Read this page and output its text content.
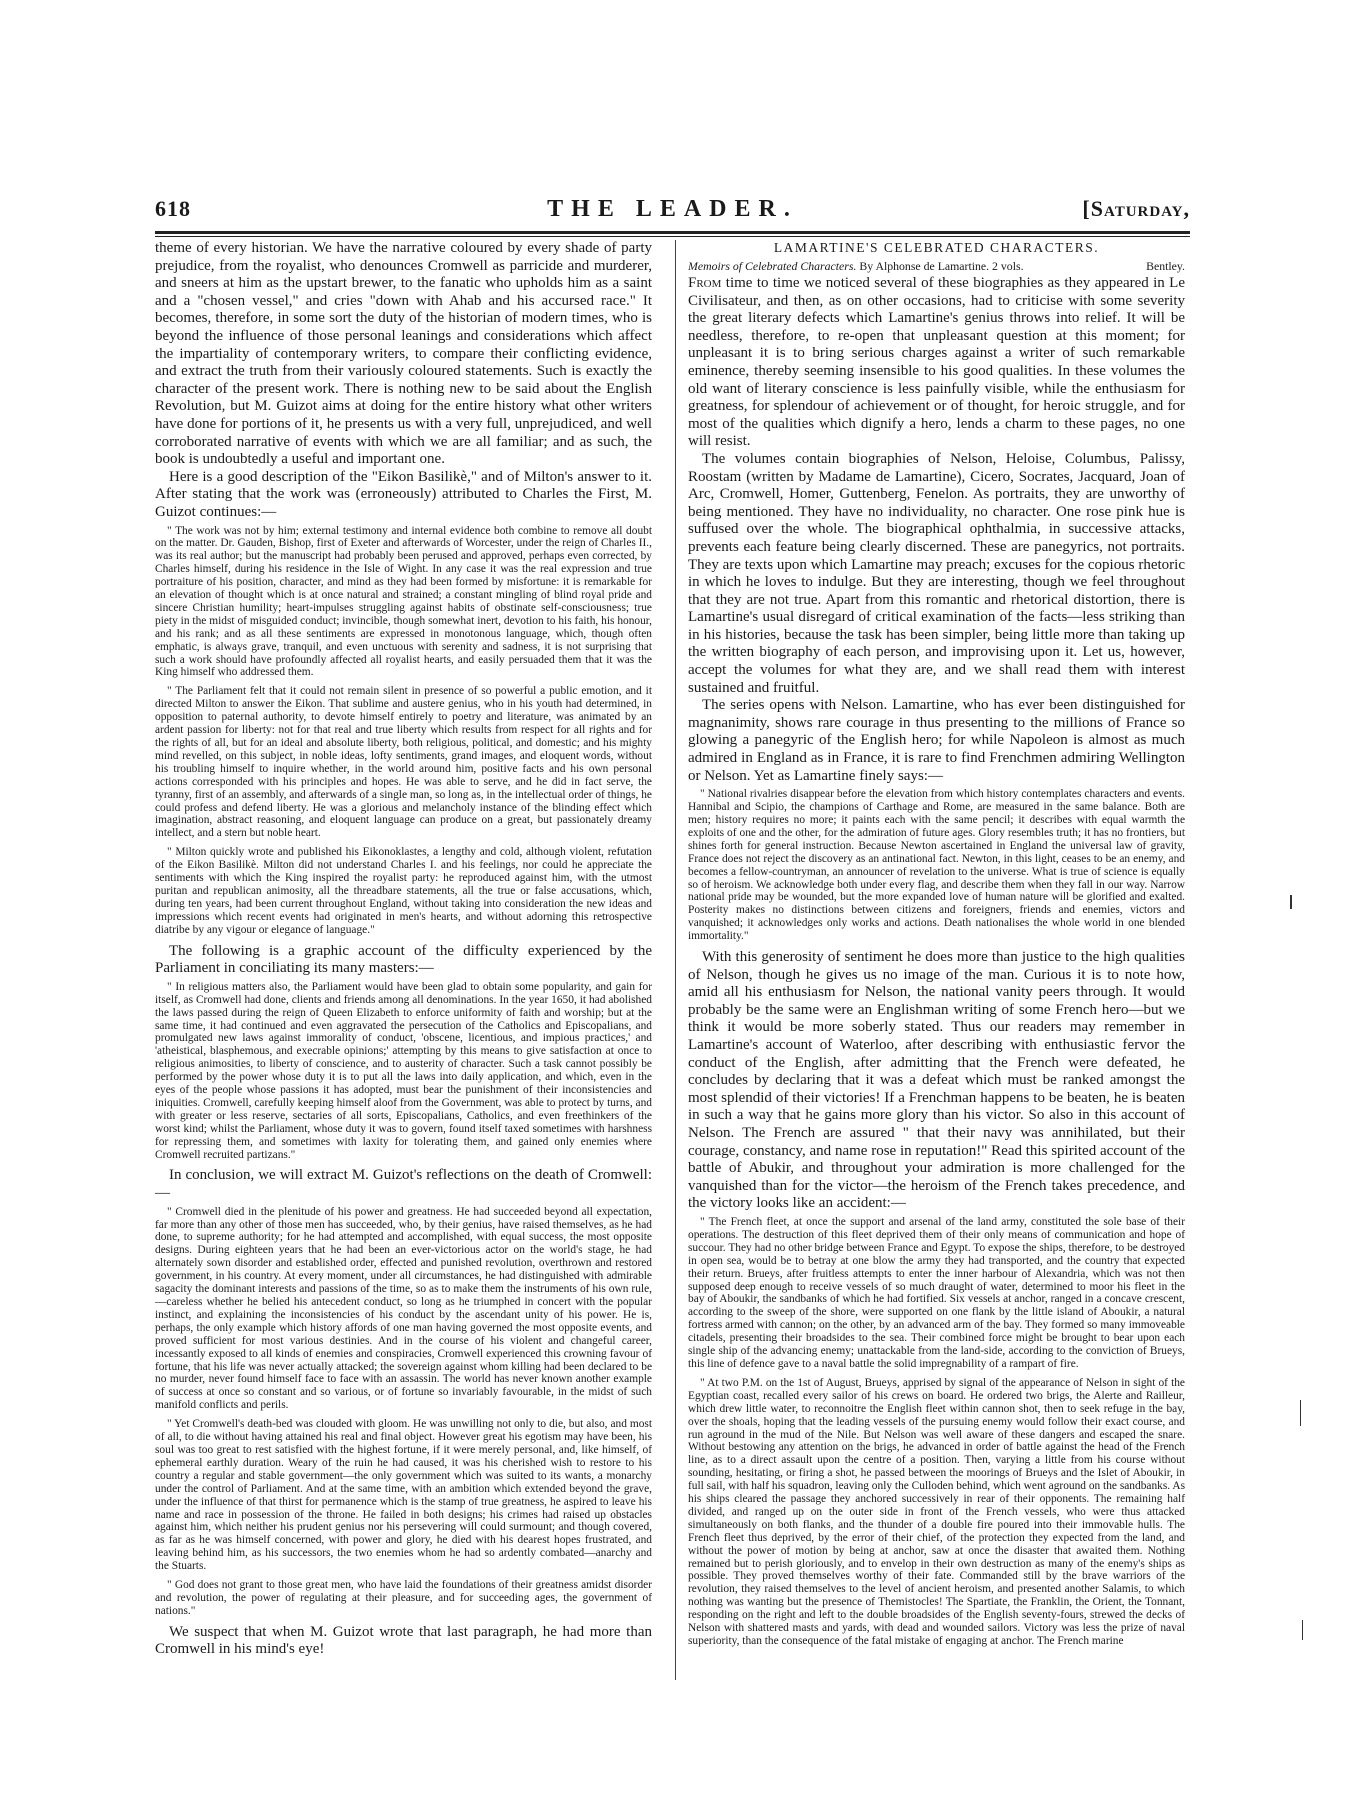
618	THE LEADER.	[Saturday,

theme of every historian. We have the narrative coloured by every shade of party prejudice, from the royalist, who denounces Cromwell as parricide and murderer, and sneers at him as the upstart brewer, to the fanatic who upholds him as a saint and a "chosen vessel," and cries "down with Ahab and his accursed race." It becomes, therefore, in some sort the duty of the historian of modern times, who is beyond the influence of those personal leanings and considerations which affect the impartiality of contemporary writers, to compare their conflicting evidence, and extract the truth from their variously coloured statements. Such is exactly the character of the present work. There is nothing new to be said about the English Revolution, but M. Guizot aims at doing for the entire history what other writers have done for portions of it, he presents us with a very full, unprejudiced, and well corroborated narrative of events with which we are all familiar; and as such, the book is undoubtedly a useful and important one.

Here is a good description of the "Eikon Basilikè," and of Milton's answer to it. After stating that the work was (erroneously) attributed to Charles the First, M. Guizot continues:—

" The work was not by him; external testimony and internal evidence both combine to remove all doubt on the matter. Dr. Gauden, Bishop, first of Exeter and afterwards of Worcester, under the reign of Charles II., was its real author; but the manuscript had probably been perused and approved, perhaps even corrected, by Charles himself, during his residence in the Isle of Wight. In any case it was the real expression and true portraiture of his position, character, and mind as they had been formed by misfortune: it is remarkable for an elevation of thought which is at once natural and strained; a constant mingling of blind royal pride and sincere Christian humility; heart-impulses struggling against habits of obstinate self-consciousness; true piety in the midst of misguided conduct; invincible, though somewhat inert, devotion to his faith, his honour, and his rank; and as all these sentiments are expressed in monotonous language, which, though often emphatic, is always grave, tranquil, and even unctuous with serenity and sadness, it is not surprising that such a work should have profoundly affected all royalist hearts, and easily persuaded them that it was the King himself who addressed them.

" The Parliament felt that it could not remain silent in presence of so powerful a public emotion, and it directed Milton to answer the Eikon. That sublime and austere genius, who in his youth had determined, in opposition to paternal authority, to devote himself entirely to poetry and literature, was animated by an ardent passion for liberty: not for that real and true liberty which results from respect for all rights and for the rights of all, but for an ideal and absolute liberty, both religious, political, and domestic; and his mighty mind revelled, on this subject, in noble ideas, lofty sentiments, grand images, and eloquent words, without his troubling himself to inquire whether, in the world around him, positive facts and his own personal actions corresponded with his principles and hopes. He was able to serve, and he did in fact serve, the tyranny, first of an assembly, and afterwards of a single man, so long as, in the intellectual order of things, he could profess and defend liberty. He was a glorious and melancholy instance of the blinding effect which imagination, abstract reasoning, and eloquent language can produce on a great, but passionately dreamy intellect, and a stern but noble heart.

" Milton quickly wrote and published his Eikonoklastes, a lengthy and cold, although violent, refutation of the Eikon Basilikè. Milton did not understand Charles I. and his feelings, nor could he appreciate the sentiments with which the King inspired the royalist party: he reproduced against him, with the utmost puritan and republican animosity, all the threadbare statements, all the true or false accusations, which, during ten years, had been current throughout England, without taking into consideration the new ideas and impressions which recent events had originated in men's hearts, and without adorning this retrospective diatribe by any vigour or elegance of language."

The following is a graphic account of the difficulty experienced by the Parliament in conciliating its many masters:—

" In religious matters also, the Parliament would have been glad to obtain some popularity, and gain for itself, as Cromwell had done, clients and friends among all denominations. In the year 1650, it had abolished the laws passed during the reign of Queen Elizabeth to enforce uniformity of faith and worship; but at the same time, it had continued and even aggravated the persecution of the Catholics and Episcopalians, and promulgated new laws against immorality of conduct, 'obscene, licentious, and impious practices,' and 'atheistical, blasphemous, and execrable opinions;' attempting by this means to give satisfaction at once to religious animosities, to liberty of conscience, and to austerity of character. Such a task cannot possibly be performed by the power whose duty it is to put all the laws into daily application, and which, even in the eyes of the people whose passions it has adopted, must bear the punishment of their inconsistencies and iniquities. Cromwell, carefully keeping himself aloof from the Government, was able to protect by turns, and with greater or less reserve, sectaries of all sorts, Episcopalians, Catholics, and even freethinkers of the worst kind; whilst the Parliament, whose duty it was to govern, found itself taxed sometimes with harshness for repressing them, and sometimes with laxity for tolerating them, and gained only enemies where Cromwell recruited partizans."

In conclusion, we will extract M. Guizot's reflections on the death of Cromwell:—

" Cromwell died in the plenitude of his power and greatness. He had succeeded beyond all expectation, far more than any other of those men has succeeded, who, by their genius, have raised themselves, as he had done, to supreme authority; for he had attempted and accomplished, with equal success, the most opposite designs. During eighteen years that he had been an ever-victorious actor on the world's stage, he had alternately sown disorder and established order, effected and punished revolution, overthrown and restored government, in his country. At every moment, under all circumstances, he had distinguished with admirable sagacity the dominant interests and passions of the time, so as to make them the instruments of his own rule,—careless whether he belied his antecedent conduct, so long as he triumphed in concert with the popular instinct, and explaining the inconsistencies of his conduct by the ascendant unity of his power. He is, perhaps, the only example which history affords of one man having governed the most opposite events, and proved sufficient for most various destinies. And in the course of his violent and changeful career, incessantly exposed to all kinds of enemies and conspiracies, Cromwell experienced this crowning favour of fortune, that his life was never actually attacked; the sovereign against whom killing had been declared to be no murder, never found himself face to face with an assassin. The world has never known another example of success at once so constant and so various, or of fortune so invariably favourable, in the midst of such manifold conflicts and perils.

" Yet Cromwell's death-bed was clouded with gloom. He was unwilling not only to die, but also, and most of all, to die without having attained his real and final object. However great his egotism may have been, his soul was too great to rest satisfied with the highest fortune, if it were merely personal, and, like himself, of ephemeral earthly duration. Weary of the ruin he had caused, it was his cherished wish to restore to his country a regular and stable government—the only government which was suited to its wants, a monarchy under the control of Parliament. And at the same time, with an ambition which extended beyond the grave, under the influence of that thirst for permanence which is the stamp of true greatness, he aspired to leave his name and race in possession of the throne. He failed in both designs; his crimes had raised up obstacles against him, which neither his prudent genius nor his persevering will could surmount; and though covered, as far as he was himself concerned, with power and glory, he died with his dearest hopes frustrated, and leaving behind him, as his successors, the two enemies whom he had so ardently combated—anarchy and the Stuarts.

" God does not grant to those great men, who have laid the foundations of their greatness amidst disorder and revolution, the power of regulating at their pleasure, and for succeeding ages, the government of nations."

We suspect that when M. Guizot wrote that last paragraph, he had more than Cromwell in his mind's eye!

LAMARTINE'S CELEBRATED CHARACTERS.

Memoirs of Celebrated Characters. By Alphonse de Lamartine. 2 vols.	Bentley.

From time to time we noticed several of these biographies as they appeared in Le Civilisateur, and then, as on other occasions, had to criticise with some severity the great literary defects which Lamartine's genius throws into relief. It will be needless, therefore, to re-open that unpleasant question at this moment; for unpleasant it is to bring serious charges against a writer of such remarkable eminence, thereby seeming insensible to his good qualities. In these volumes the old want of literary conscience is less painfully visible, while the enthusiasm for greatness, for splendour of achievement or of thought, for heroic struggle, and for most of the qualities which dignify a hero, lends a charm to these pages, no one will resist.

The volumes contain biographies of Nelson, Heloise, Columbus, Palissy, Roostam (written by Madame de Lamartine), Cicero, Socrates, Jacquard, Joan of Arc, Cromwell, Homer, Guttenberg, Fenelon. As portraits, they are unworthy of being mentioned. They have no individuality, no character. One rose pink hue is suffused over the whole. The biographical ophthalmia, in successive attacks, prevents each feature being clearly discerned. These are panegyrics, not portraits. They are texts upon which Lamartine may preach; excuses for the copious rhetoric in which he loves to indulge. But they are interesting, though we feel throughout that they are not true. Apart from this romantic and rhetorical distortion, there is Lamartine's usual disregard of critical examination of the facts—less striking than in his histories, because the task has been simpler, being little more than taking up the written biography of each person, and improvising upon it. Let us, however, accept the volumes for what they are, and we shall read them with interest sustained and fruitful.

The series opens with Nelson. Lamartine, who has ever been distinguished for magnanimity, shows rare courage in thus presenting to the millions of France so glowing a panegyric of the English hero; for while Napoleon is almost as much admired in England as in France, it is rare to find Frenchmen admiring Wellington or Nelson. Yet as Lamartine finely says:—

" National rivalries disappear before the elevation from which history contemplates characters and events. Hannibal and Scipio, the champions of Carthage and Rome, are measured in the same balance. Both are men; history requires no more; it paints each with the same pencil; it describes with equal warmth the exploits of one and the other, for the admiration of future ages. Glory resembles truth; it has no frontiers, but shines forth for general instruction. Because Newton ascertained in England the universal law of gravity, France does not reject the discovery as an antinational fact. Newton, in this light, ceases to be an enemy, and becomes a fellow-countryman, an announcer of revelation to the universe. What is true of science is equally so of heroism. We acknowledge both under every flag, and describe them when they fall in our way. Narrow national pride may be wounded, but the more expanded love of human nature will be glorified and exalted. Posterity makes no distinctions between citizens and foreigners, friends and enemies, victors and vanquished; it acknowledges only works and actions. Death nationalises the whole world in one blended immortality."

With this generosity of sentiment he does more than justice to the high qualities of Nelson, though he gives us no image of the man. Curious it is to note how, amid all his enthusiasm for Nelson, the national vanity peers through. It would probably be the same were an Englishman writing of some French hero—but we think it would be more soberly stated. Thus our readers may remember in Lamartine's account of Waterloo, after describing with enthusiastic fervor the conduct of the English, after admitting that the French were defeated, he concludes by declaring that it was a defeat which must be ranked amongst the most splendid of their victories! If a Frenchman happens to be beaten, he is beaten in such a way that he gains more glory than his victor. So also in this account of Nelson. The French are assured " that their navy was annihilated, but their courage, constancy, and name rose in reputation!" Read this spirited account of the battle of Abukir, and throughout your admiration is more challenged for the vanquished than for the victor—the heroism of the French takes precedence, and the victory looks like an accident:—

" The French fleet, at once the support and arsenal of the land army, constituted the sole base of their operations. The destruction of this fleet deprived them of their only means of communication and hope of succour. They had no other bridge between France and Egypt. To expose the ships, therefore, to be destroyed in open sea, would be to betray at one blow the army they had transported, and the country that expected their return. Brueys, after fruitless attempts to enter the inner harbour of Alexandria, which was not then supposed deep enough to receive vessels of so much draught of water, determined to moor his fleet in the bay of Aboukir, the sandbanks of which he had fortified. Six vessels at anchor, ranged in a concave crescent, according to the sweep of the shore, were supported on one flank by the little island of Aboukir, a natural fortress armed with cannon; on the other, by an advanced arm of the bay. They formed so many immoveable citadels, presenting their broadsides to the sea. Their combined force might be brought to bear upon each single ship of the advancing enemy; unattackable from the land-side, according to the conviction of Brueys, this line of defence gave to a naval battle the solid impregnability of a rampart of fire.

" At two P.M. on the 1st of August, Brueys, apprised by signal of the appearance of Nelson in sight of the Egyptian coast, recalled every sailor of his crews on board. He ordered two brigs, the Alerte and Railleur, which drew little water, to reconnoitre the English fleet within cannon shot, then to seek refuge in the bay, over the shoals, hoping that the leading vessels of the pursuing enemy would follow their exact course, and run aground in the mud of the Nile. But Nelson was well aware of these dangers and escaped the snare. Without bestowing any attention on the brigs, he advanced in order of battle against the head of the French line, as to a direct assault upon the centre of a position. Then, varying a little from his course without sounding, hesitating, or firing a shot, he passed between the moorings of Brueys and the Islet of Aboukir, in full sail, with half his squadron, leaving only the Culloden behind, which went aground on the sandbanks. As his ships cleared the passage they anchored successively in rear of their opponents. The remaining half divided, and ranged up on the outer side in front of the French vessels, who were thus attacked simultaneously on both flanks, and the thunder of a double fire poured into their immovable hulls. The French fleet thus deprived, by the error of their chief, of the protection they expected from the land, and without the power of motion by being at anchor, saw at once the disaster that awaited them. Nothing remained but to perish gloriously, and to envelop in their own destruction as many of the enemy's ships as possible. They proved themselves worthy of their fate. Commanded still by the brave warriors of the revolution, they raised themselves to the level of ancient heroism, and presented another Salamis, to which nothing was wanting but the presence of Themistocles! The Spartiate, the Franklin, the Orient, the Tonnant, responding on the right and left to the double broadsides of the English seventy-fours, strewed the decks of Nelson with shattered masts and yards, with dead and wounded sailors. Victory was less the prize of naval superiority, than the consequence of the fatal mistake of engaging at anchor. The French marine
